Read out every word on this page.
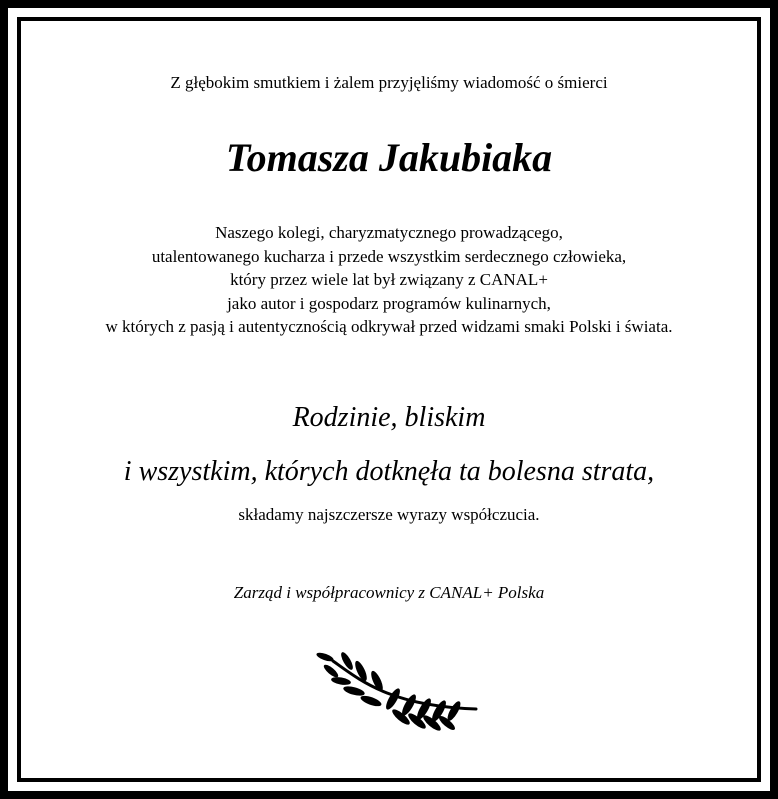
Z głębokim smutkiem i żalem przyjęliśmy wiadomość o śmierci
Tomasza Jakubiaka
Naszego kolegi, charyzmatycznego prowadzącego,
utalentowanego kucharza i przede wszystkim serdecznego człowieka,
który przez wiele lat był związany z CANAL+
jako autor i gospodarz programów kulinarnych,
w których z pasją i autentycznością odkrywał przed widzami smaki Polski i świata.
Rodzinie, bliskim
i wszystkim, których dotknęła ta bolesna strata,
składamy najszczersze wyrazy współczucia.
Zarząd i współpracownicy z CANAL+ Polska
